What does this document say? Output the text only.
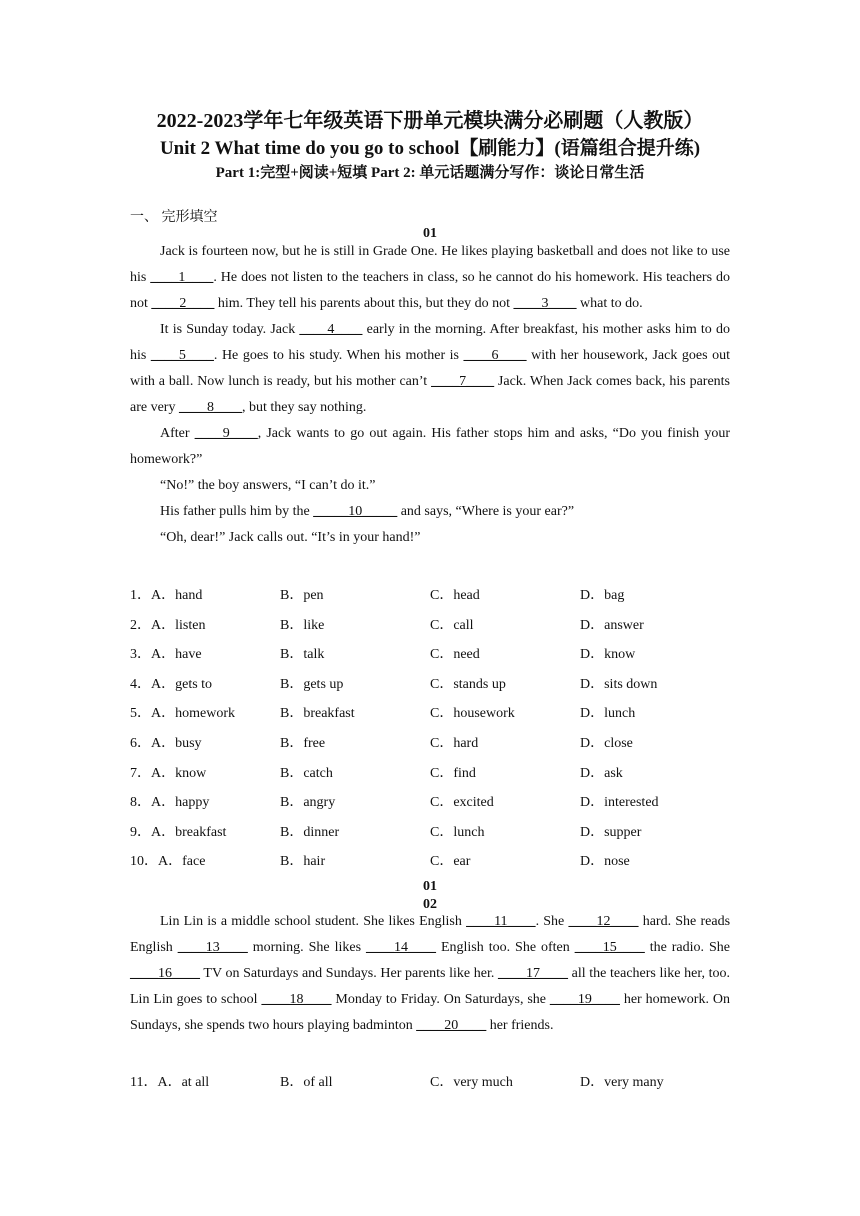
2022-2023学年七年级英语下册单元模块满分必刷题（人教版）
Unit 2 What time do you go to school【刷能力】(语篇组合提升练)
Part 1:完型+阅读+短填 Part 2: 单元话题满分写作：谈论日常生活
一、 完形填空
01

Jack is fourteen now, but he is still in Grade One. He likes playing basketball and does not like to use his ____1____. He does not listen to the teachers in class, so he cannot do his homework. His teachers do not ____2____ him. They tell his parents about this, but they do not ____3____ what to do.

It is Sunday today. Jack ____4____ early in the morning. After breakfast, his mother asks him to do his ____5____. He goes to his study. When his mother is ____6____ with her housework, Jack goes out with a ball. Now lunch is ready, but his mother can’t ____7____ Jack. When Jack comes back, his parents are very ____8____, but they say nothing.

After ____9____, Jack wants to go out again. His father stops him and asks, “Do you finish your homework?”

“No!” the boy answers, “I can’t do it.”

His father pulls him by the _____10_____ and says, “Where is your ear?”

“Oh, dear!” Jack calls out. “It’s in your hand!”

1．A．hand	B．pen	C．head	D．bag
2．A．listen	B．like	C．call	D．answer
3．A．have	B．talk	C．need	D．know
4．A．gets to	B．gets up	C．stands up	D．sits down
5．A．homework	B．breakfast	C．housework	D．lunch
6．A．busy	B．free	C．hard	D．close
7．A．know	B．catch	C．find	D．ask
8．A．happy	B．angry	C．excited	D．interested
9．A．breakfast	B．dinner	C．lunch	D．supper
10．A．face	B．hair	C．ear	D．nose
01
02

Lin Lin is a middle school student. She likes English ____11____. She ____12____ hard. She reads English ____13____ morning. She likes ____14____ English too. She often ____15____ the radio. She ____16____ TV on Saturdays and Sundays. Her parents like her. ____17____ all the teachers like her, too. Lin Lin goes to school ____18____ Monday to Friday. On Saturdays, she ____19____ her homework. On Sundays, she spends two hours playing badminton ____20____ her friends.

11．A．at all	B．of all	C．very much	D．very many
